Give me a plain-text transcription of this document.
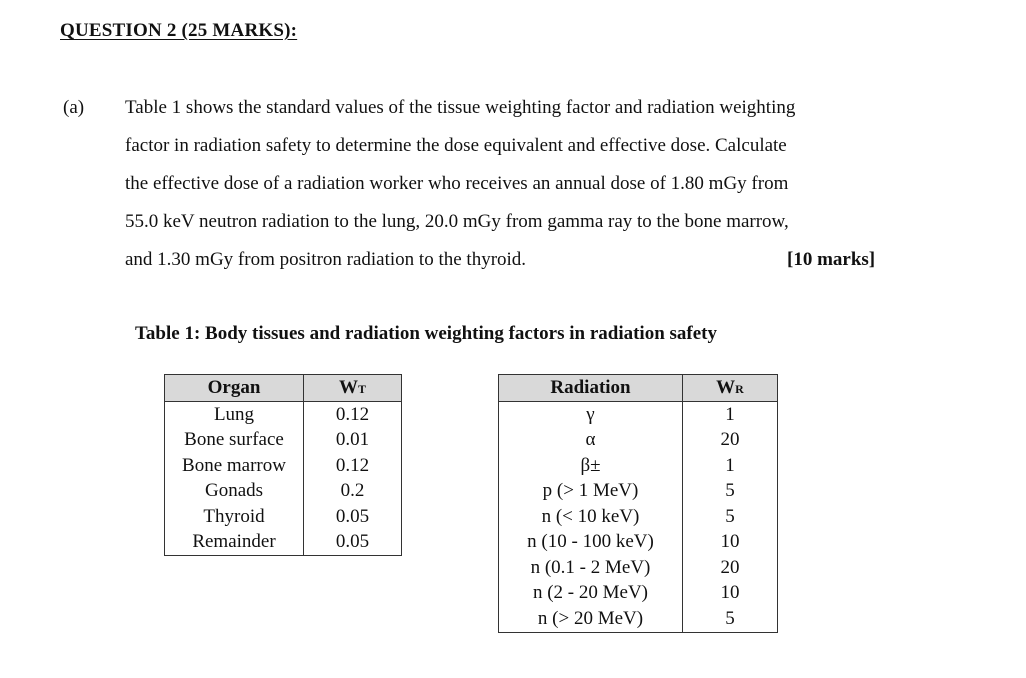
QUESTION 2 (25 MARKS):
(a) Table 1 shows the standard values of the tissue weighting factor and radiation weighting
factor in radiation safety to determine the dose equivalent and effective dose. Calculate
the effective dose of a radiation worker who receives an annual dose of 1.80 mGy from
55.0 keV neutron radiation to the lung, 20.0 mGy from gamma ray to the bone marrow,
and 1.30 mGy from positron radiation to the thyroid.	[10 marks]
Table 1: Body tissues and radiation weighting factors in radiation safety
Organ	WT
Lung	0.12
Bone surface	0.01
Bone marrow	0.12
Gonads	0.2
Thyroid	0.05
Remainder	0.05
Radiation	WR
γ	1
α	20
β±	1
p (> 1 MeV)	5
n (< 10 keV)	5
n (10 - 100 keV)	10
n (0.1 - 2 MeV)	20
n (2 - 20 MeV)	10
n (> 20 MeV)	5
